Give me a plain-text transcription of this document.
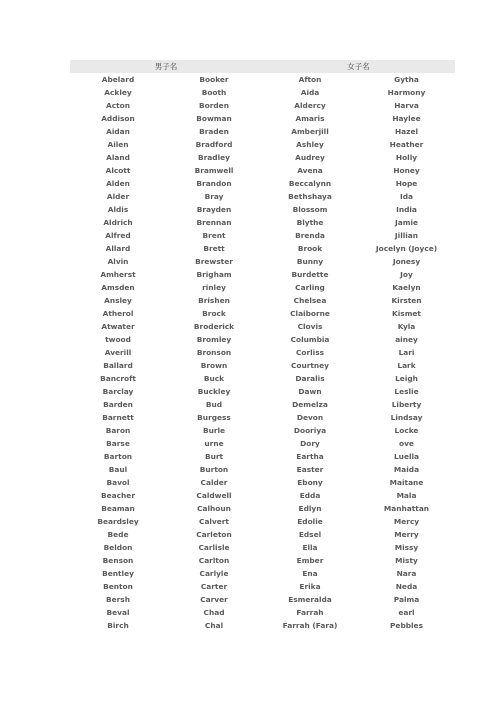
男子名	女子名
Abelard	Booker	Afton	Gytha
Ackley	Booth	Aida	Harmony
Acton	Borden	Aldercy	Harva
Addison	Bowman	Amaris	Haylee
Aidan	Braden	Amberjill	Hazel
Ailen	Bradford	Ashley	Heather
Aland	Bradley	Audrey	Holly
Alcott	Bramwell	Avena	Honey
Alden	Brandon	Beccalynn	Hope
Alder	Bray	Bethshaya	Ida
Aldis	Brayden	Blossom	India
Aldrich	Brennan	Blythe	Jamie
Alfred	Brent	Brenda	Jillian
Allard	Brett	Brook	Jocelyn (Joyce)
Alvin	Brewster	Bunny	Jonesy
Amherst	Brigham	Burdette	Joy
Amsden	rinley	Carling	Kaelyn
Ansley	Brishen	Chelsea	Kirsten
Atherol	Brock	Claiborne	Kismet
Atwater	Broderick	Clovis	Kyla
twood	Bromley	Columbia	ainey
Averill	Bronson	Corliss	Lari
Ballard	Brown	Courtney	Lark
Bancroft	Buck	Daralis	Leigh
Barclay	Buckley	Dawn	Leslie
Barden	Bud	Demelza	Liberty
Barnett	Burgess	Devon	Lindsay
Baron	Burle	Dooriya	Locke
Barse	urne	Dory	ove
Barton	Burt	Eartha	Luella
Baul	Burton	Easter	Maida
Bavol	Calder	Ebony	Maitane
Beacher	Caldwell	Edda	Mala
Beaman	Calhoun	Edlyn	Manhattan
Beardsley	Calvert	Edolie	Mercy
Bede	Carleton	Edsel	Merry
Beldon	Carlisle	Ella	Missy
Benson	Carlton	Ember	Misty
Bentley	Carlyle	Ena	Nara
Benton	Carter	Erika	Neda
Bersh	Carver	Esmeralda	Palma
Beval	Chad	Farrah	earl
Birch	Chal	Farrah (Fara)	Pebbles
